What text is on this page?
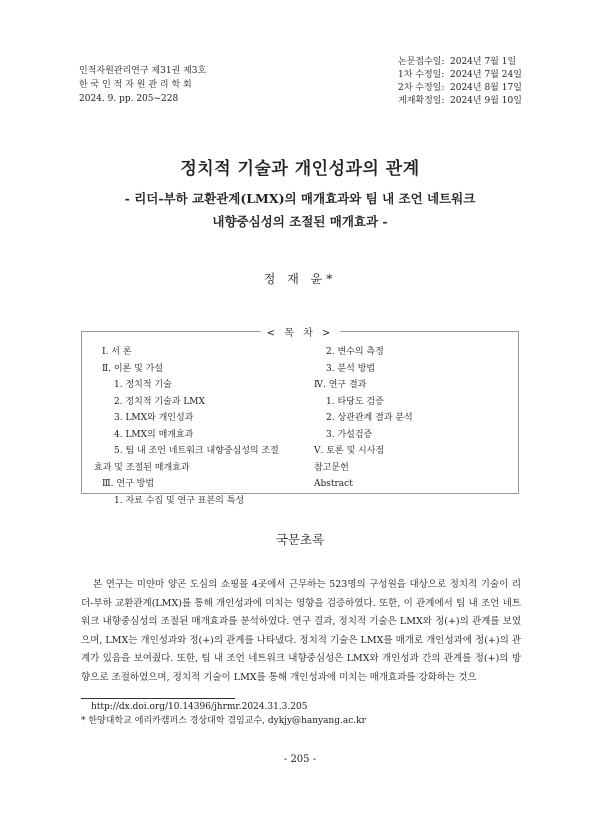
인적자원관리연구 제31권 제3호
한 국 인 적 자 원 관 리 학 회
2024. 9. pp. 205~228
논문접수일: 2024년 7월 1일
1차 수정일: 2024년 7월 24일
2차 수정일: 2024년 8월 17일
게재확정일: 2024년 9월 10일
정치적 기술과 개인성과의 관계
- 리더-부하 교환관계(LMX)의 매개효과와 팀 내 조언 네트워크
내향중심성의 조절된 매개효과 -
정 재 윤*
< 목 차 >
Ⅰ. 서 론
Ⅱ. 이론 및 가설
1. 정치적 기술
2. 정치적 기술과 LMX
3. LMX와 개인성과
4. LMX의 매개효과
5. 팀 내 조언 네트워크 내향중심성의 조절
효과 및 조절된 매개효과
Ⅲ. 연구 방법
1. 자료 수집 및 연구 표본의 특성
2. 변수의 측정
3. 분석 방법
Ⅳ. 연구 결과
1. 타당도 검증
2. 상관관계 결과 분석
3. 가설검증
Ⅴ. 토론 및 시사점
참고문헌
Abstract
국문초록
본 연구는 미얀마 양곤 도심의 쇼핑몰 4곳에서 근무하는 523명의 구성원을 대상으로 정치적 기술이 리더-부하 교환관계(LMX)를 통해 개인성과에 미치는 영향을 검증하였다. 또한, 이 관계에서 팀 내 조언 네트워크 내향중심성의 조절된 매개효과를 분석하였다. 연구 결과, 정치적 기술은 LMX와 정(+)의 관계를 보였으며, LMX는 개인성과와 정(+)의 관계를 나타냈다. 정치적 기술은 LMX를 매개로 개인성과에 정(+)의 관계가 있음을 보여줬다. 또한, 팀 내 조언 네트워크 내향중심성은 LMX와 개인성과 간의 관계를 정(+)의 방향으로 조절하였으며, 정치적 기술이 LMX를 통해 개인성과에 미치는 매개효과를 강화하는 것으
http://dx.doi.org/10.14396/jhrmr.2024.31.3.205
* 한양대학교 에리카캠퍼스 경상대학 겸임교수, dykjy@hanyang.ac.kr
- 205 -
